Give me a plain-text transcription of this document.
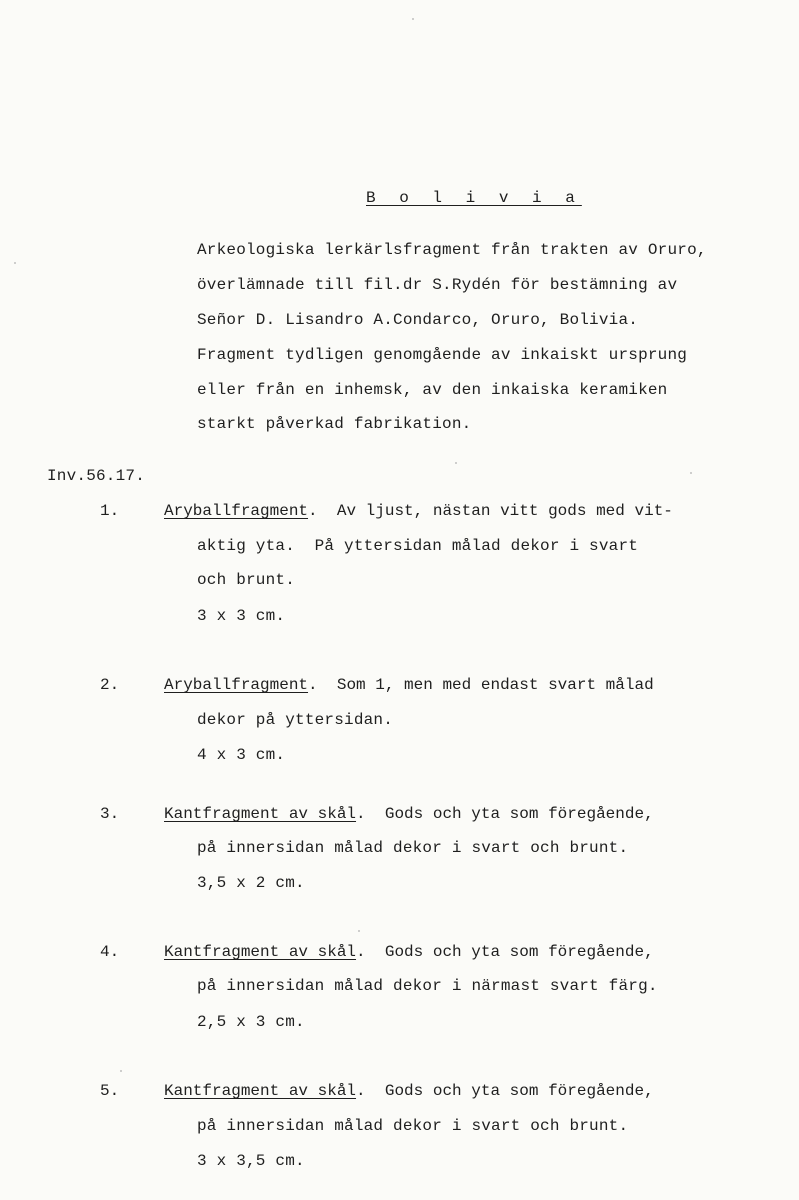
B o l i v i a
Arkeologiska lerkärlsfragment från trakten av Oruro,
överlämnade till fil.dr S.Rydén för bestämning av
Señor D. Lisandro A.Condarco, Oruro, Bolivia.
Fragment tydligen genomgående av inkaiskt ursprung
eller från en inhemsk, av den inkaiska keramiken
starkt påverkad fabrikation.
Inv.56.17.
1.	Aryballfragment.  Av ljust, nästan vitt gods med vit-
aktig yta.  På yttersidan målad dekor i svart
och brunt.
3 x 3 cm.
2.	Aryballfragment.  Som 1, men med endast svart målad
dekor på yttersidan.
4 x 3 cm.
3.	Kantfragment av skål.  Gods och yta som föregående,
på innersidan målad dekor i svart och brunt.
3,5 x 2 cm.
4.	Kantfragment av skål.  Gods och yta som föregående,
på innersidan målad dekor i närmast svart färg.
2,5 x 3 cm.
5.	Kantfragment av skål.  Gods och yta som föregående,
på innersidan målad dekor i svart och brunt.
3 x 3,5 cm.
